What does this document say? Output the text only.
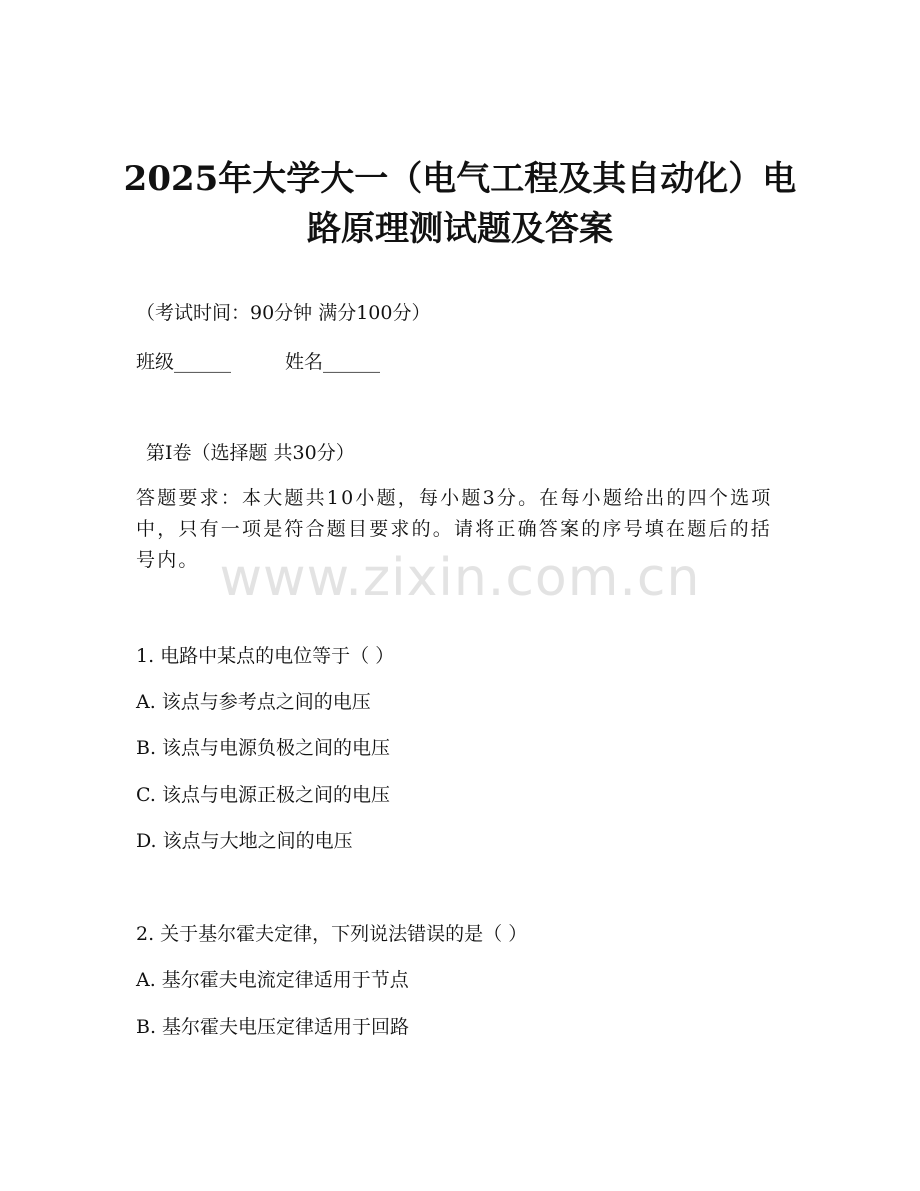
2025年大学大一（电气工程及其自动化）电
路原理测试题及答案
（考试时间：90分钟 满分100分）
班级______	姓名______
第Ⅰ卷（选择题 共30分）
答题要求：本大题共10小题，每小题3分。在每小题给出的四个选项中，只有一项是符合题目要求的。请将正确答案的序号填在题后的括号内。 www.zixin.com.cn
1. 电路中某点的电位等于（ ）
A. 该点与参考点之间的电压
B. 该点与电源负极之间的电压
C. 该点与电源正极之间的电压
D. 该点与大地之间的电压
2. 关于基尔霍夫定律，下列说法错误的是（ ）
A. 基尔霍夫电流定律适用于节点
B. 基尔霍夫电压定律适用于回路
